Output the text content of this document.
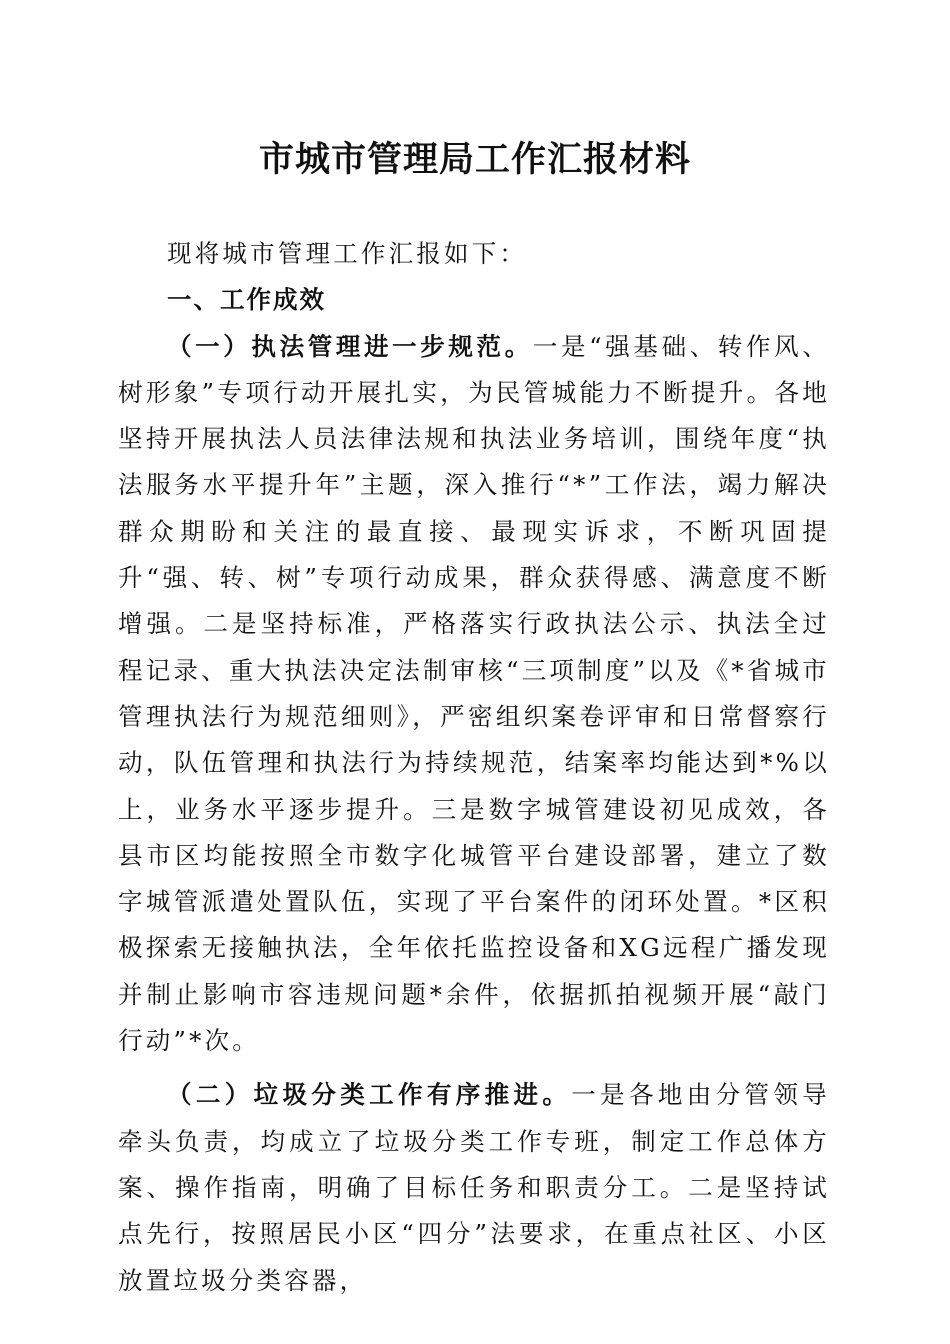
市城市管理局工作汇报材料

现将城市管理工作汇报如下：

一、工作成效

（一）执法管理进一步规范。一是“强基础、转作风、树形象”专项行动开展扎实，为民管城能力不断提升。各地坚持开展执法人员法律法规和执法业务培训，围绕年度“执法服务水平提升年”主题，深入推行“*”工作法，竭力解决群众期盼和关注的最直接、最现实诉求，不断巩固提升“强、转、树”专项行动成果，群众获得感、满意度不断增强。二是坚持标准，严格落实行政执法公示、执法全过程记录、重大执法决定法制审核“三项制度”以及《*省城市管理执法行为规范细则》，严密组织案卷评审和日常督察行动，队伍管理和执法行为持续规范，结案率均能达到*%以上，业务水平逐步提升。三是数字城管建设初见成效，各县市区均能按照全市数字化城管平台建设部署，建立了数字城管派遣处置队伍，实现了平台案件的闭环处置。*区积极探索无接触执法，全年依托监控设备和XG远程广播发现并制止影响市容违规问题*余件，依据抓拍视频开展“敲门行动”*次。

（二）垃圾分类工作有序推进。一是各地由分管领导牵头负责，均成立了垃圾分类工作专班，制定工作总体方案、操作指南，明确了目标任务和职责分工。二是坚持试点先行，按照居民小区“四分”法要求，在重点社区、小区放置垃圾分类容器，
